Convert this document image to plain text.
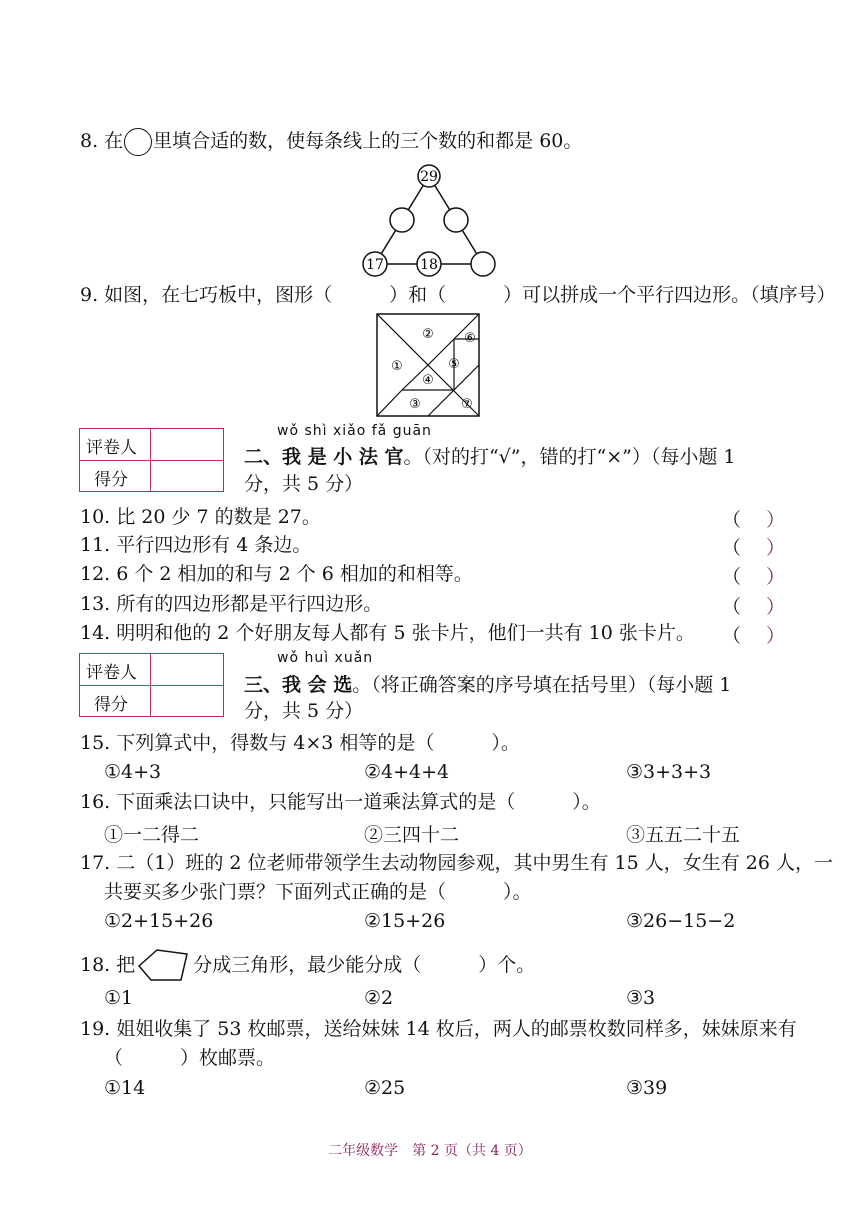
8. 在 里填合适的数，使每条线上的三个数的和都是 60。
29
17	18
9. 如图，在七巧板中，图形（　　　）和（　　　）可以拼成一个平行四边形。（填序号）
①
②
③
④
⑤
⑥
⑦
评卷人
得分
wǒ shì xiǎo fǎ guān
二、我 是 小 法 官。（对的打“√”，错的打“×”）（每小题 1
分，共 5 分）
10. 比 20 少 7 的数是 27。	（　 ）
11. 平行四边形有 4 条边。	（　 ）
12. 6 个 2 相加的和与 2 个 6 相加的和相等。	（　 ）
13. 所有的四边形都是平行四边形。	（　 ）
14. 明明和他的 2 个好朋友每人都有 5 张卡片，他们一共有 10 张卡片。 （　 ）
评卷人
得分
wǒ huì xuǎn
三、我 会 选。（将正确答案的序号填在括号里）（每小题 1
分，共 5 分）
15. 下列算式中，得数与 4×3 相等的是（　　　）。
①4+3	②4+4+4	③3+3+3
16. 下面乘法口诀中，只能写出一道乘法算式的是（　　　）。
①一二得二	②三四十二	③五五二十五
17. 二（1）班的 2 位老师带领学生去动物园参观，其中男生有 15 人，女生有 26 人，一
共要买多少张门票？下面列式正确的是（　　　）。
①2+15+26	②15+26	③26−15−2
18. 把	分成三角形，最少能分成（　　　）个。
①1	②2	③3
19. 姐姐收集了 53 枚邮票，送给妹妹 14 枚后，两人的邮票枚数同样多，妹妹原来有
（　　　）枚邮票。
①14	②25	③39
二年级数学　第 2 页（共 4 页）
